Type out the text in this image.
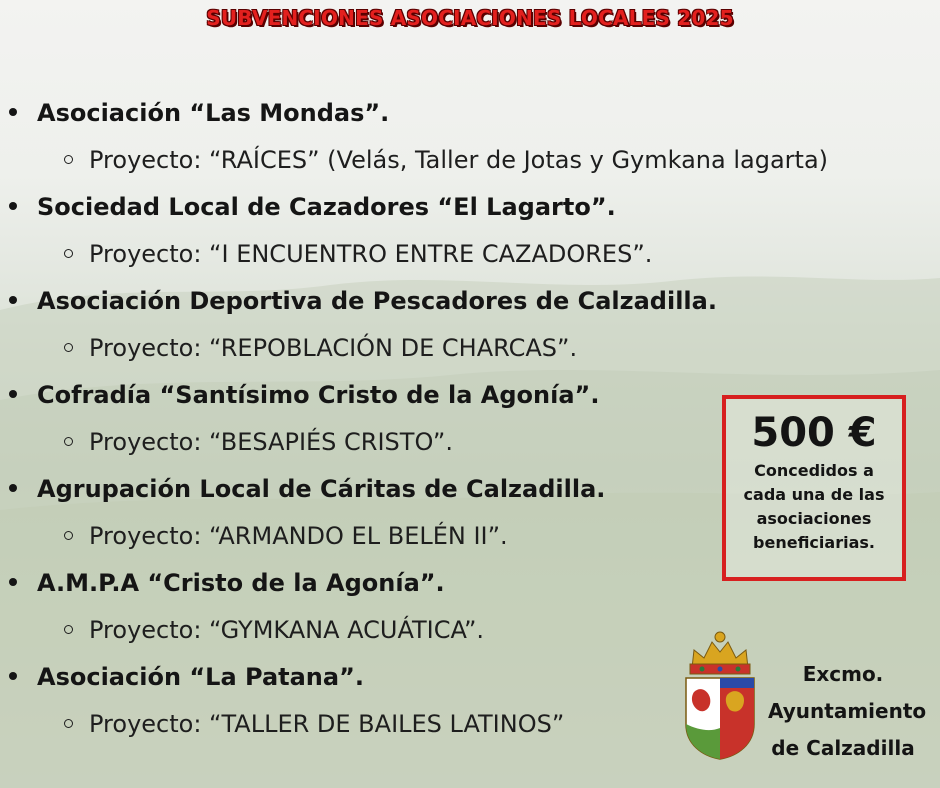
SUBVENCIONES ASOCIACIONES LOCALES 2025
Asociación “Las Mondas”.
Proyecto: “RAÍCES” (Velás, Taller de Jotas y Gymkana lagarta)
Sociedad Local de Cazadores “El Lagarto”.
Proyecto: “I ENCUENTRO ENTRE CAZADORES”.
Asociación Deportiva de Pescadores de Calzadilla.
Proyecto: “REPOBLACIÓN DE CHARCAS”.
Cofradía “Santísimo Cristo de la Agonía”.
Proyecto: “BESAPIÉS CRISTO”.
Agrupación Local de Cáritas de Calzadilla.
Proyecto: “ARMANDO EL BELÉN II”.
A.M.P.A “Cristo de la Agonía”.
Proyecto: “GYMKANA ACUÁTICA”.
Asociación “La Patana”.
Proyecto: “TALLER DE BAILES LATINOS”
500 €
Concedidos a
cada una de las
asociaciones
beneficiarias.
Excmo.
Ayuntamiento
de Calzadilla
